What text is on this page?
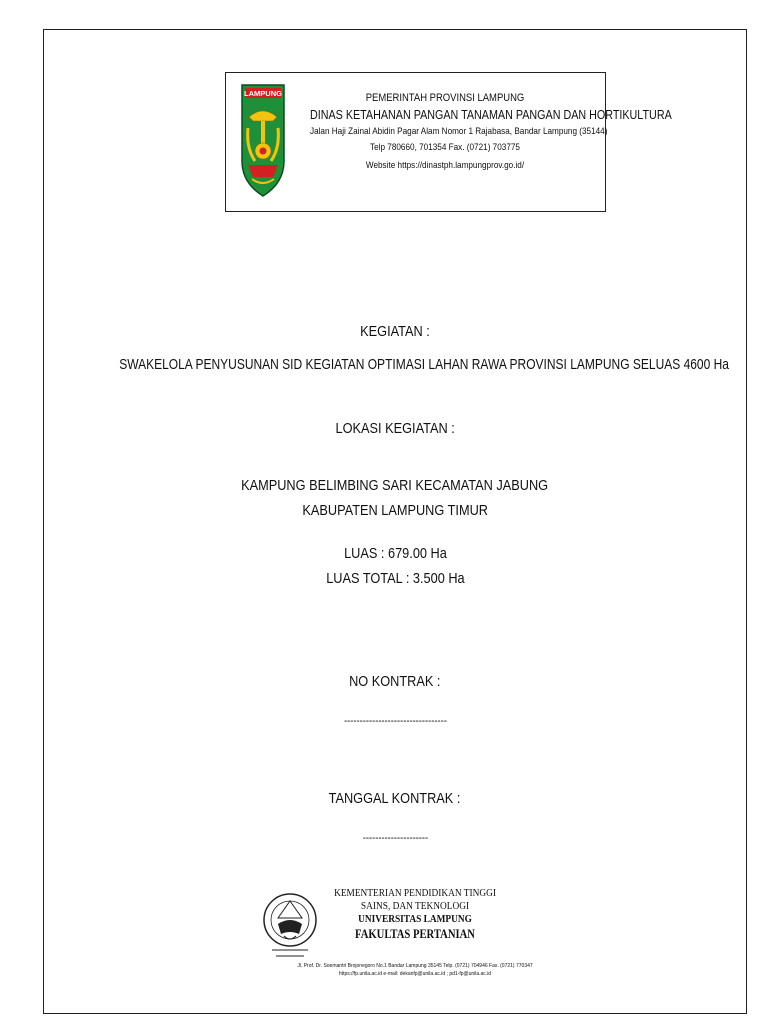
LAMPUNG	PEMERINTAH PROVINSI LAMPUNG
DINAS KETAHANAN PANGAN TANAMAN PANGAN DAN HORTIKULTURA
Jalan Haji Zainal Abidin Pagar Alam Nomor 1 Rajabasa, Bandar Lampung (35144)
Telp 780660, 701354 Fax. (0721) 703775
Website https://dinastph.lampungprov.go.id/
KEGIATAN :
SWAKELOLA PENYUSUNAN SID KEGIATAN OPTIMASI LAHAN RAWA PROVINSI LAMPUNG SELUAS 4600 Ha
LOKASI KEGIATAN :
KAMPUNG BELIMBING SARI KECAMATAN JABUNG
KABUPATEN LAMPUNG TIMUR
LUAS : 679.00 Ha
LUAS TOTAL : 3.500 Ha
NO KONTRAK :
---------------------------------
TANGGAL KONTRAK :
---------------------
KEMENTERIAN PENDIDIKAN TINGGI
SAINS, DAN TEKNOLOGI
UNIVERSITAS LAMPUNG
FAKULTAS PERTANIAN
Jl. Prof. Dr. Soemantri Brojonegoro No.1 Bandar Lampung 35145 Telp. (0721) 704946 Fax. (0721) 770347
https://fp.unila.ac.id e-mail: dekanfp@unila.ac.id ; pd1-fp@unila.ac.id
